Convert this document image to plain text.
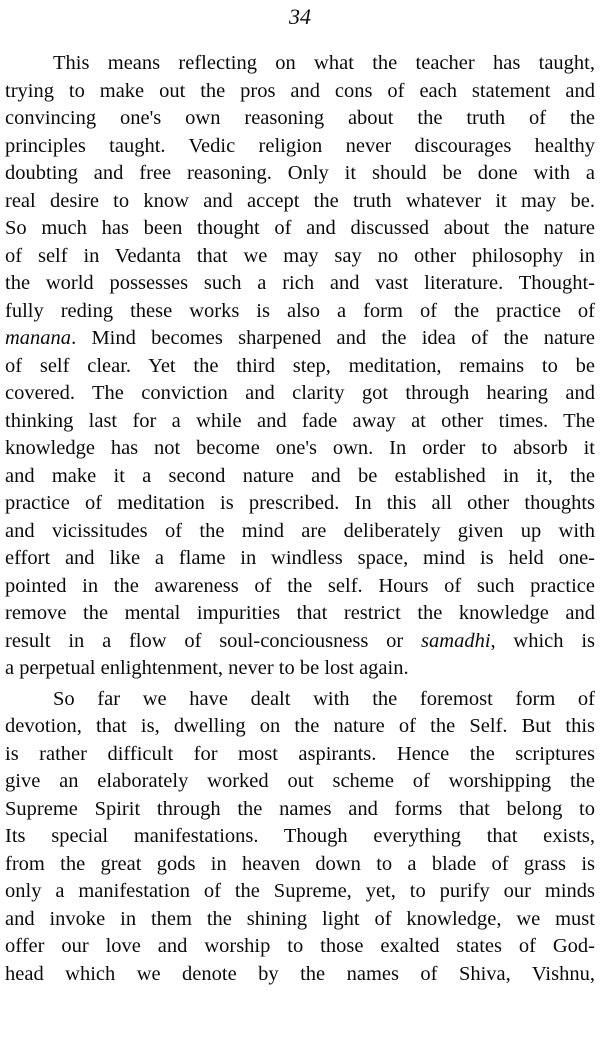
34
This means reflecting on what the teacher has taught,
trying to make out the pros and cons of each statement and
convincing one's own reasoning about the truth of the
principles taught. Vedic religion never discourages healthy
doubting and free reasoning. Only it should be done with a
real desire to know and accept the truth whatever it may be.
So much has been thought of and discussed about the nature
of self in Vedanta that we may say no other philosophy in
the world possesses such a rich and vast literature. Thought-
fully reding these works is also a form of the practice of
manana. Mind becomes sharpened and the idea of the nature
of self clear. Yet the third step, meditation, remains to be
covered. The conviction and clarity got through hearing and
thinking last for a while and fade away at other times. The
knowledge has not become one's own. In order to absorb it
and make it a second nature and be established in it, the
practice of meditation is prescribed. In this all other thoughts
and vicissitudes of the mind are deliberately given up with
effort and like a flame in windless space, mind is held one-
pointed in the awareness of the self. Hours of such practice
remove the mental impurities that restrict the knowledge and
result in a flow of soul-conciousness or samadhi, which is
a perpetual enlightenment, never to be lost again.
So far we have dealt with the foremost form of
devotion, that is, dwelling on the nature of the Self. But this
is rather difficult for most aspirants. Hence the scriptures
give an elaborately worked out scheme of worshipping the
Supreme Spirit through the names and forms that belong to
Its special manifestations. Though everything that exists,
from the great gods in heaven down to a blade of grass is
only a manifestation of the Supreme, yet, to purify our minds
and invoke in them the shining light of knowledge, we must
offer our love and worship to those exalted states of God-
head which we denote by the names of Shiva, Vishnu,
